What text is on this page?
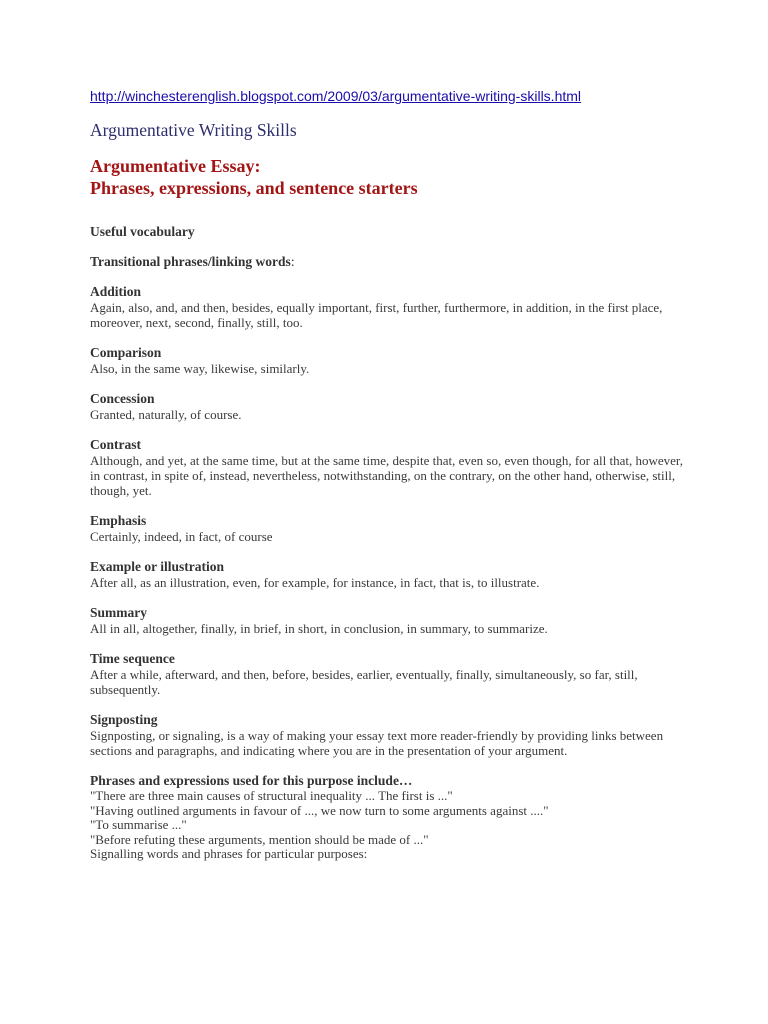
http://winchesterenglish.blogspot.com/2009/03/argumentative-writing-skills.html
Argumentative Writing Skills
Argumentative Essay:
Phrases, expressions, and sentence starters
Useful vocabulary
Transitional phrases/linking words:
Addition

Again, also, and, and then, besides, equally important, first, further, furthermore, in addition, in the first place, moreover, next, second, finally, still, too.

Comparison

Also, in the same way, likewise, similarly.

Concession

Granted, naturally, of course.

Contrast

Although, and yet, at the same time, but at the same time, despite that, even so, even though, for all that, however, in contrast, in spite of, instead, nevertheless, notwithstanding, on the contrary, on the other hand, otherwise, still, though, yet.

Emphasis

Certainly, indeed, in fact, of course

Example or illustration

After all, as an illustration, even, for example, for instance, in fact, that is, to illustrate.

Summary

All in all, altogether, finally, in brief, in short, in conclusion, in summary, to summarize.

Time sequence

After a while, afterward, and then, before, besides, earlier, eventually, finally, simultaneously, so far, still, subsequently.

Signposting

Signposting, or signaling, is a way of making your essay text more reader-friendly by providing links between sections and paragraphs, and indicating where you are in the presentation of your argument.

Phrases and expressions used for this purpose include…
"There are three main causes of structural inequality ... The first is ..."
"Having outlined arguments in favour of ..., we now turn to some arguments against ...."
"To summarise ..."
"Before refuting these arguments, mention should be made of ..."
Signalling words and phrases for particular purposes:
